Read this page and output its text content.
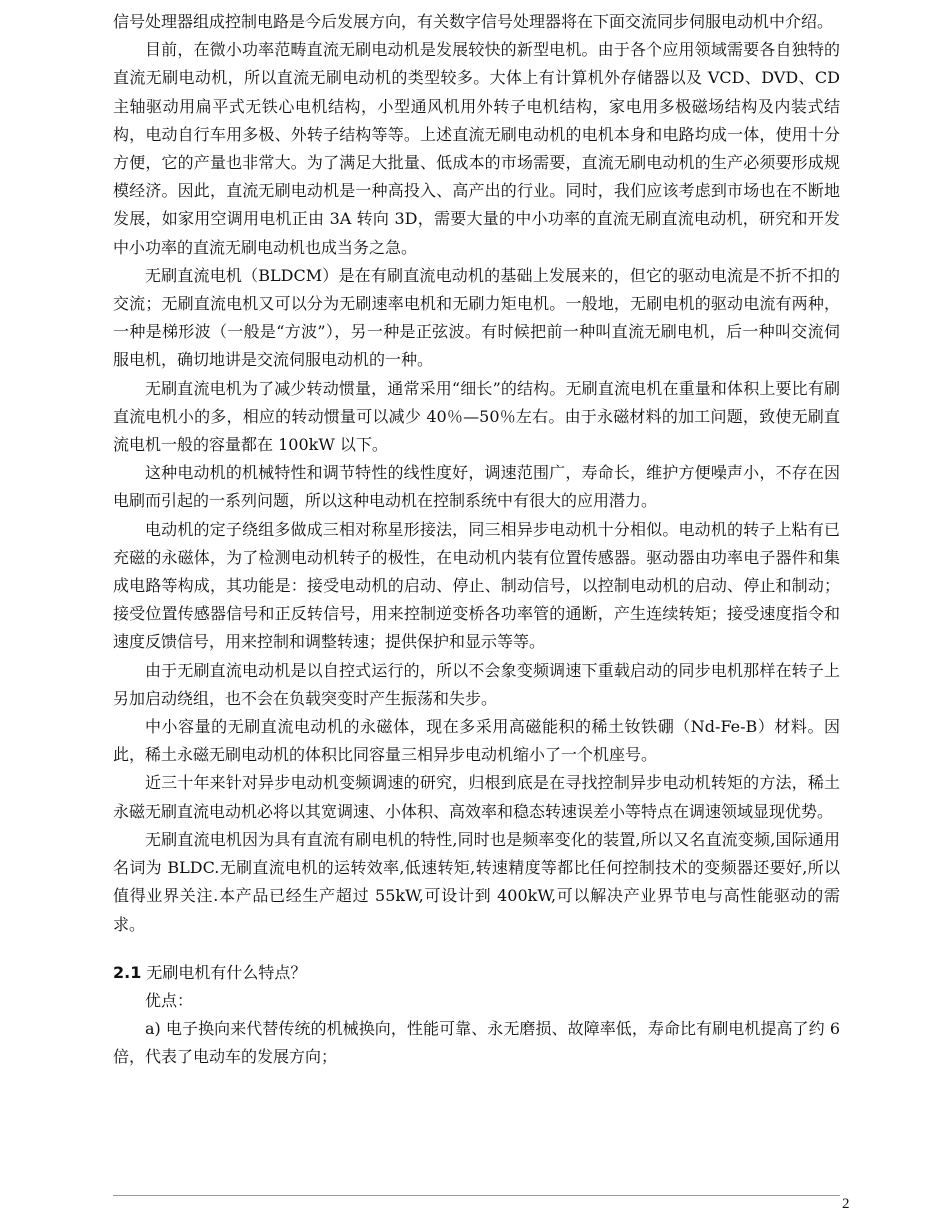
信号处理器组成控制电路是今后发展方向，有关数字信号处理器将在下面交流同步伺服电动机中介绍。

目前，在微小功率范畴直流无刷电动机是发展较快的新型电机。由于各个应用领域需要各自独特的直流无刷电动机，所以直流无刷电动机的类型较多。大体上有计算机外存储器以及 VCD、DVD、CD 主轴驱动用扁平式无铁心电机结构，小型通风机用外转子电机结构，家电用多极磁场结构及内装式结构，电动自行车用多极、外转子结构等等。上述直流无刷电动机的电机本身和电路均成一体，使用十分方便，它的产量也非常大。为了满足大批量、低成本的市场需要，直流无刷电动机的生产必须要形成规模经济。因此，直流无刷电动机是一种高投入、高产出的行业。同时，我们应该考虑到市场也在不断地发展，如家用空调用电机正由 3A 转向 3D，需要大量的中小功率的直流无刷直流电动机，研究和开发中小功率的直流无刷电动机也成当务之急。

无刷直流电机（BLDCM）是在有刷直流电动机的基础上发展来的，但它的驱动电流是不折不扣的交流；无刷直流电机又可以分为无刷速率电机和无刷力矩电机。一般地，无刷电机的驱动电流有两种，一种是梯形波（一般是“方波”），另一种是正弦波。有时候把前一种叫直流无刷电机，后一种叫交流伺服电机，确切地讲是交流伺服电动机的一种。

无刷直流电机为了减少转动惯量，通常采用“细长”的结构。无刷直流电机在重量和体积上要比有刷直流电机小的多，相应的转动惯量可以减少 40％—50％左右。由于永磁材料的加工问题，致使无刷直流电机一般的容量都在 100kW 以下。

这种电动机的机械特性和调节特性的线性度好，调速范围广，寿命长，维护方便噪声小，不存在因电刷而引起的一系列问题，所以这种电动机在控制系统中有很大的应用潜力。

电动机的定子绕组多做成三相对称星形接法，同三相异步电动机十分相似。电动机的转子上粘有已充磁的永磁体，为了检测电动机转子的极性，在电动机内装有位置传感器。驱动器由功率电子器件和集成电路等构成，其功能是：接受电动机的启动、停止、制动信号，以控制电动机的启动、停止和制动；接受位置传感器信号和正反转信号，用来控制逆变桥各功率管的通断，产生连续转矩；接受速度指令和速度反馈信号，用来控制和调整转速；提供保护和显示等等。

由于无刷直流电动机是以自控式运行的，所以不会象变频调速下重载启动的同步电机那样在转子上另加启动绕组，也不会在负载突变时产生振荡和失步。

中小容量的无刷直流电动机的永磁体，现在多采用高磁能积的稀土钕铁硼（Nd-Fe-B）材料。因此，稀土永磁无刷电动机的体积比同容量三相异步电动机缩小了一个机座号。

近三十年来针对异步电动机变频调速的研究，归根到底是在寻找控制异步电动机转矩的方法，稀土永磁无刷直流电动机必将以其宽调速、小体积、高效率和稳态转速误差小等特点在调速领域显现优势。

无刷直流电机因为具有直流有刷电机的特性,同时也是频率变化的装置,所以又名直流变频,国际通用名词为 BLDC.无刷直流电机的运转效率,低速转矩,转速精度等都比任何控制技术的变频器还要好,所以值得业界关注.本产品已经生产超过 55kW,可设计到 400kW,可以解决产业界节电与高性能驱动的需求。

2.1 无刷电机有什么特点？

优点：

a) 电子换向来代替传统的机械换向，性能可靠、永无磨损、故障率低，寿命比有刷电机提高了约 6 倍，代表了电动车的发展方向；

2
